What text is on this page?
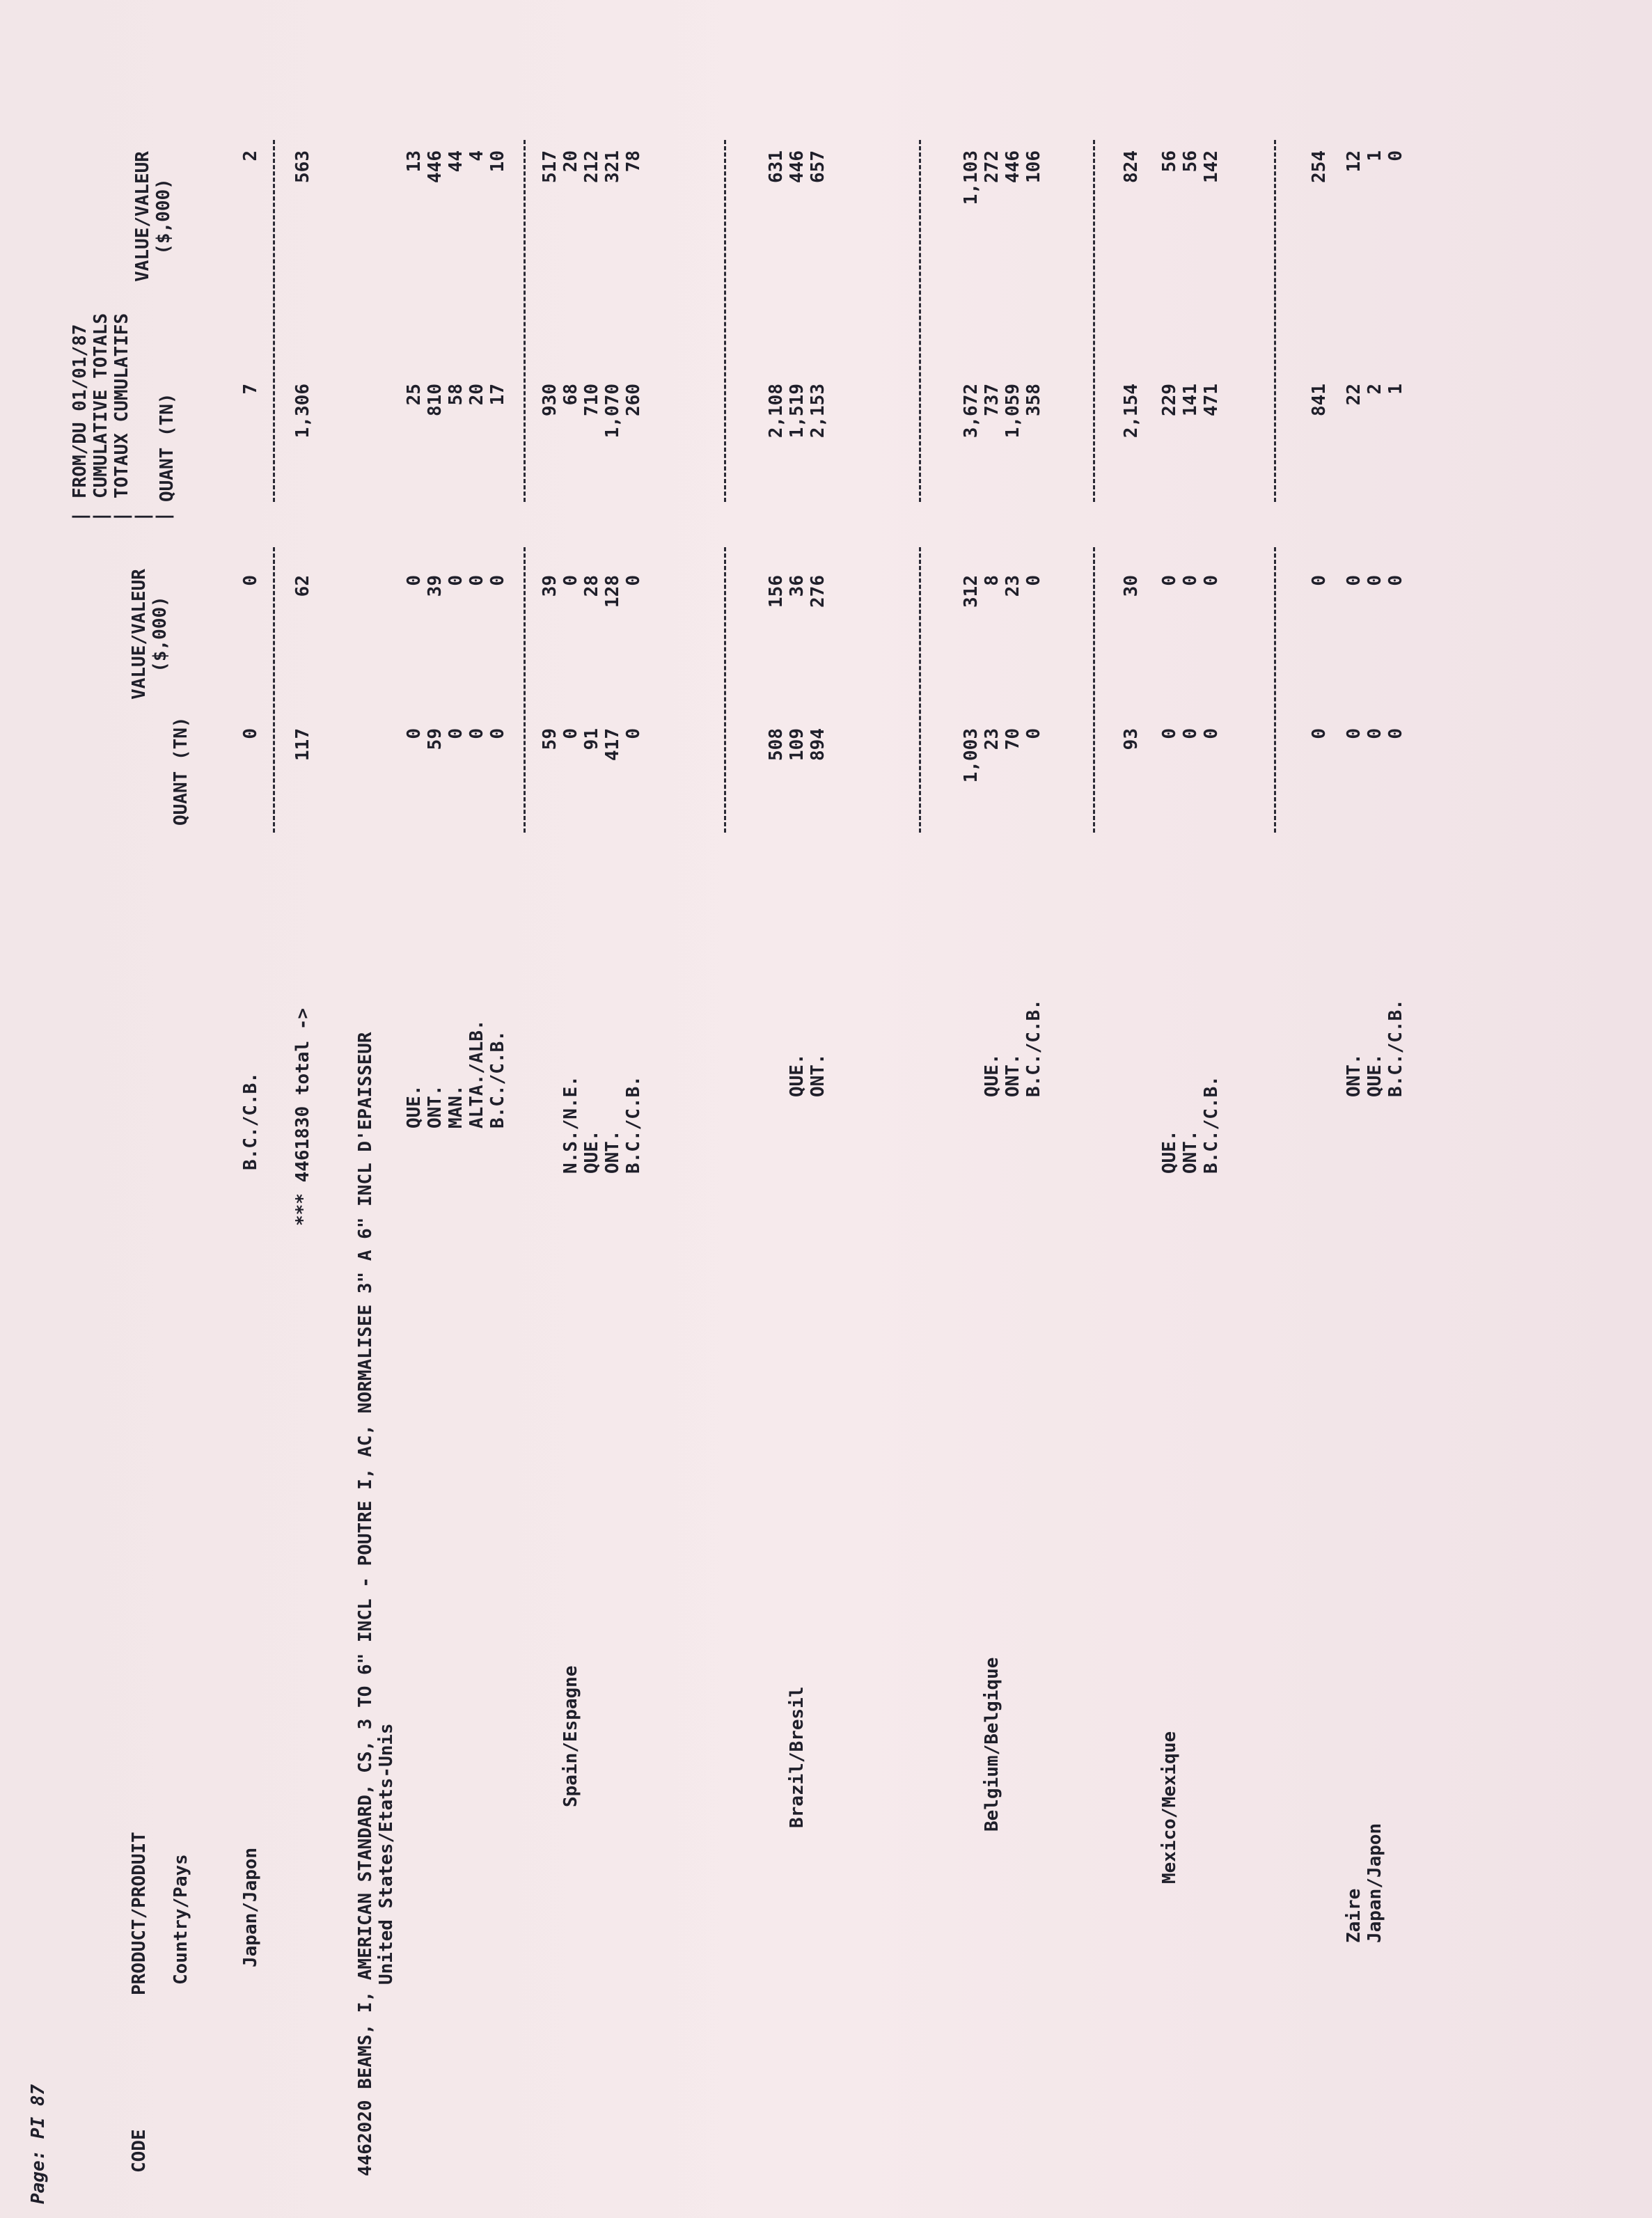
Page: PI 87	CODE
PRODUCT/PRODUIT Country/Pays
QUANT (TN)
VALUE/VALEUR ($,000)
| | | | |
FROM/DU 01/01/87 CUMULATIVE TOTALS TOTAUX CUMULATIFS QUANT (TN)
VALUE/VALEUR ($,000)
Japan/Japon
B.C./C.B.
0
0
7
2
*** 4461830 total ->
117
62
1,306
563
4462020 BEAMS, I, AMERICAN STANDARD, CS, 3 TO 6" INCL - POUTRE I, AC, NORMALISEE 3" A 6" INCL D'EPAISSEUR United States/Etats-Unis
QUE.
0
0
25
13
ONT.
59
39
810
446
MAN.
0
0
58
44
ALTA./ALB.
0
0
20
4
B.C./C.B.
0
0
17
10
59
39
930
517
Spain/Espagne
N.S./N.E.
0
0
68
20
QUE.
91
28
710
212
ONT.
417
128
1,070
321
B.C./C.B.
0
0
260
78
508
156
2,108
631
Brazil/Bresil
QUE.
109
36
1,519
446
ONT.
894
276
2,153
657
1,003
312
3,672
1,103
Belgium/Belgique
QUE.
23
8
737
272
ONT.
70
23
1,059
446
B.C./C.B.
0
0
358
106
93
30
2,154
824
Mexico/Mexique
QUE.
0
0
229
56
ONT.
0
0
141
56
B.C./C.B.
0
0
471
142
0
0
841
254
Zaire
ONT.
0
0
22
12
Japan/Japon
QUE.
0
0
2
1
B.C./C.B.
0
0
1
0
